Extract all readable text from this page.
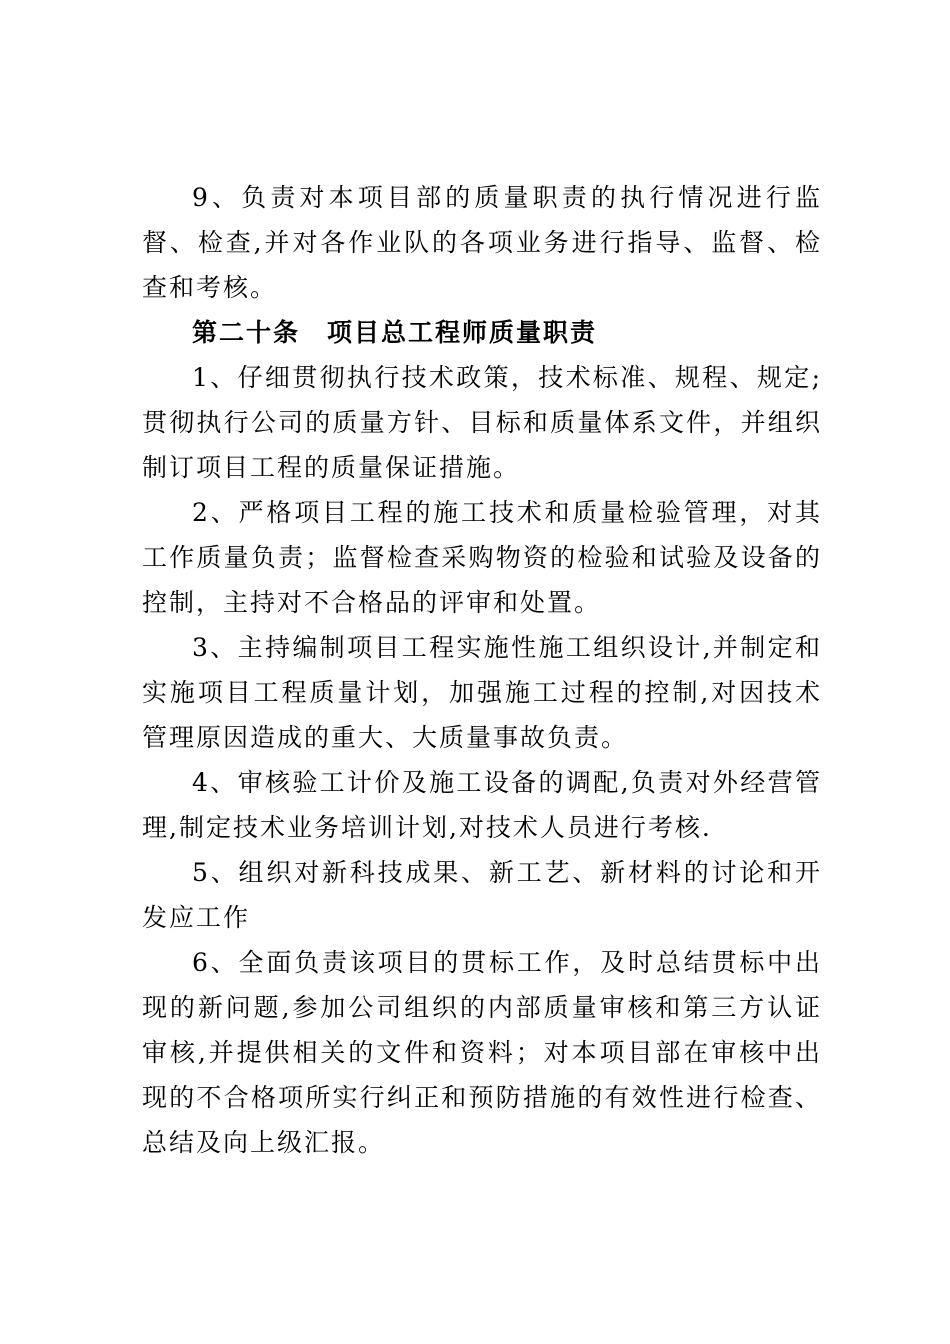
9、负责对本项目部的质量职责的执行情况进行监督、检查,并对各作业队的各项业务进行指导、监督、检查和考核。

第二十条　项目总工程师质量职责

1、仔细贯彻执行技术政策，技术标准、规程、规定;贯彻执行公司的质量方针、目标和质量体系文件，并组织制订项目工程的质量保证措施。

2、严格项目工程的施工技术和质量检验管理，对其工作质量负责；监督检查采购物资的检验和试验及设备的控制，主持对不合格品的评审和处置。

3、主持编制项目工程实施性施工组织设计,并制定和实施项目工程质量计划，加强施工过程的控制,对因技术管理原因造成的重大、大质量事故负责。

4、审核验工计价及施工设备的调配,负责对外经营管理,制定技术业务培训计划,对技术人员进行考核.

5、组织对新科技成果、新工艺、新材料的讨论和开发应工作

6、全面负责该项目的贯标工作，及时总结贯标中出现的新问题,参加公司组织的内部质量审核和第三方认证审核,并提供相关的文件和资料；对本项目部在审核中出现的不合格项所实行纠正和预防措施的有效性进行检查、总结及向上级汇报。
